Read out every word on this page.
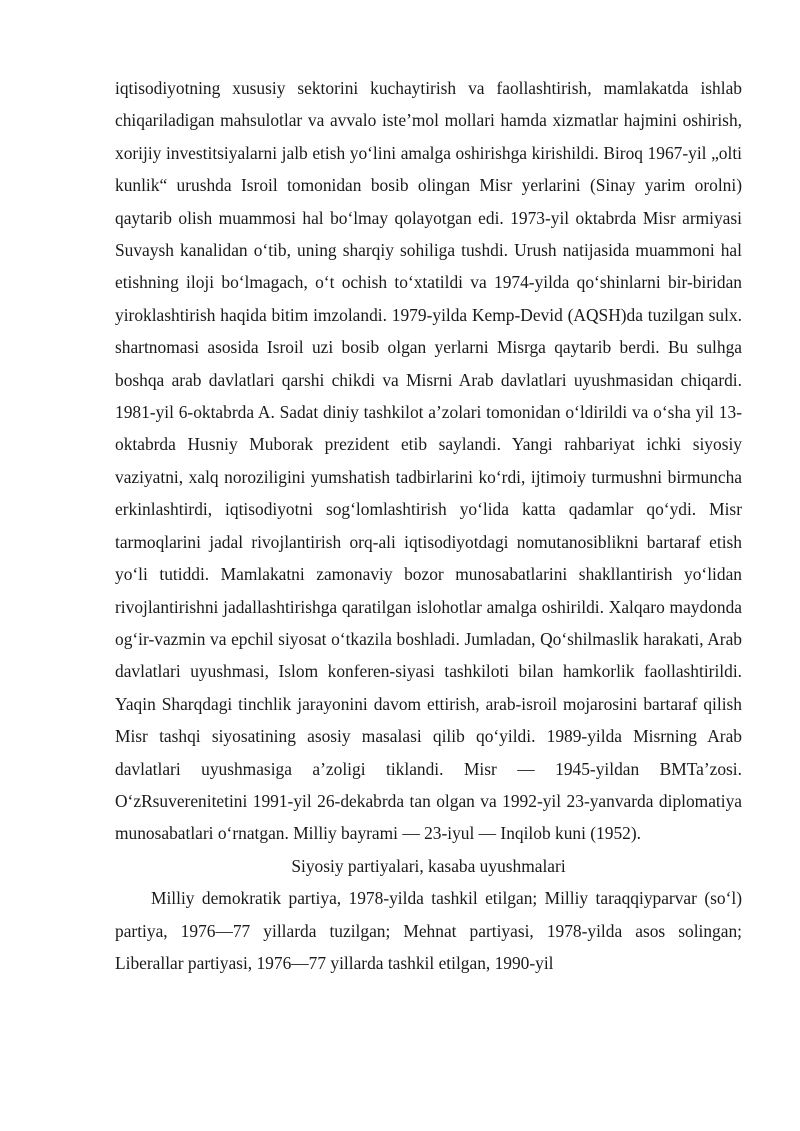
iqtisodiyotning xususiy sektorini kuchaytirish va faollashtirish, mamlakatda ishlab chiqariladigan mahsulotlar va avvalo iste’mol mollari hamda xizmatlar hajmini oshirish, xorijiy investitsiyalarni jalb etish yo‘lini amalga oshirishga kirishildi. Biroq 1967-yil „olti kunlik“ urushda Isroil tomonidan bosib olingan Misr yerlarini (Sinay yarim orolni) qaytarib olish muammosi hal bo‘lmay qolayotgan edi. 1973-yil oktabrda Misr armiyasi Suvaysh kanalidan o‘tib, uning sharqiy sohiliga tushdi. Urush natijasida muammoni hal etishning iloji bo‘lmagach, o‘t ochish to‘xtatildi va 1974-yilda qo‘shinlarni bir-biridan yiroklashtirish haqida bitim imzolandi. 1979-yilda Kemp-Devid (AQSH)da tuzilgan sulx. shartnomasi asosida Isroil uzi bosib olgan yerlarni Misrga qaytarib berdi. Bu sulhga boshqa arab davlatlari qarshi chikdi va Misrni Arab davlatlari uyushmasidan chiqardi. 1981-yil 6-oktabrda A. Sadat diniy tashkilot a’zolari tomonidan o‘ldirildi va o‘sha yil 13-oktabrda Husniy Muborak prezident etib saylandi. Yangi rahbariyat ichki siyosiy vaziyatni, xalq noroziligini yumshatish tadbirlarini ko‘rdi, ijtimoiy turmushni birmuncha erkinlashtirdi, iqtisodiyotni sog‘lomlashtirish yo‘lida katta qadamlar qo‘ydi. Misr tarmoqlarini jadal rivojlantirish orq-ali iqtisodiyotdagi nomutanosiblikni bartaraf etish yo‘li tutiddi. Mamlakatni zamonaviy bozor munosabatlarini shakllantirish yo‘lidan rivojlantirishni jadallashtirishga qaratilgan islohotlar amalga oshirildi. Xalqaro maydonda og‘ir-vazmin va epchil siyosat o‘tkazila boshladi. Jumladan, Qo‘shilmaslik harakati, Arab davlatlari uyushmasi, Islom konferen-siyasi tashkiloti bilan hamkorlik faollashtirildi. Yaqin Sharqdagi tinchlik jarayonini davom ettirish, arab-isroil mojarosini bartaraf qilish Misr tashqi siyosatining asosiy masalasi qilib qo‘yildi. 1989-yilda Misrning Arab davlatlari uyushmasiga a’zoligi tiklandi. Misr — 1945-yildan BMTa’zosi. O‘zRsuverenitetini 1991-yil 26-dekabrda tan olgan va 1992-yil 23-yanvarda diplomatiya munosabatlari o‘rnatgan. Milliy bayrami — 23-iyul — Inqilob kuni (1952).

Siyosiy partiyalari, kasaba uyushmalari

Milliy demokratik partiya, 1978-yilda tashkil etilgan; Milliy taraqqiyparvar (so‘l) partiya, 1976—77 yillarda tuzilgan; Mehnat partiyasi, 1978-yilda asos solingan; Liberallar partiyasi, 1976—77 yillarda tashkil etilgan, 1990-yil
